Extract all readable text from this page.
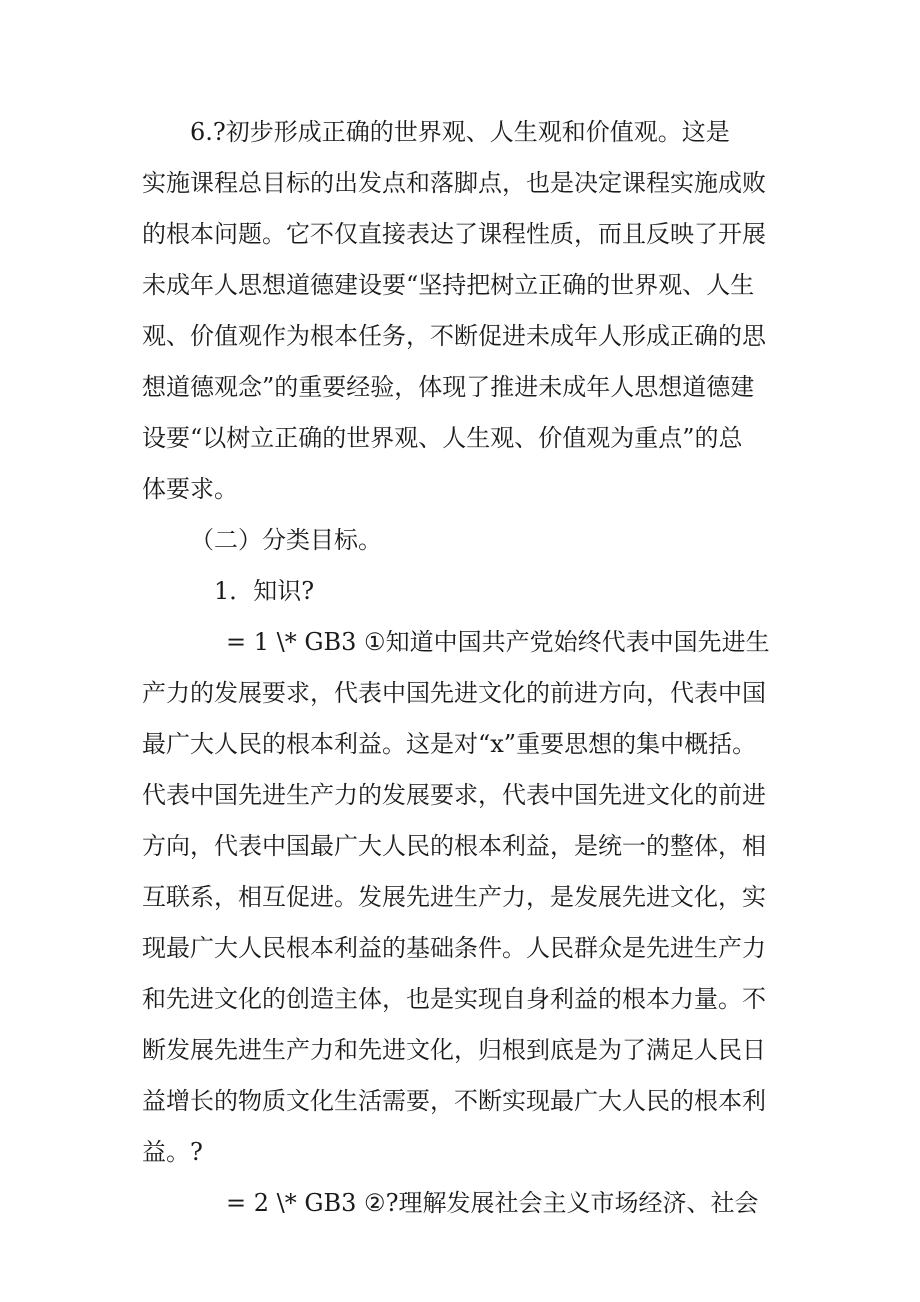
6.?初步形成正确的世界观、人生观和价值观。这是

实施课程总目标的出发点和落脚点，也是决定课程实施成败

的根本问题。它不仅直接表达了课程性质，而且反映了开展

未成年人思想道德建设要“坚持把树立正确的世界观、人生

观、价值观作为根本任务，不断促进未成年人形成正确的思

想道德观念”的重要经验，体现了推进未成年人思想道德建

设要“以树立正确的世界观、人生观、价值观为重点”的总

体要求。

（二）分类目标。

1．知识?

= 1 \* GB3 ①知道中国共产党始终代表中国先进生

产力的发展要求，代表中国先进文化的前进方向，代表中国

最广大人民的根本利益。这是对“x”重要思想的集中概括。

代表中国先进生产力的发展要求，代表中国先进文化的前进

方向，代表中国最广大人民的根本利益，是统一的整体，相

互联系，相互促进。发展先进生产力，是发展先进文化，实

现最广大人民根本利益的基础条件。人民群众是先进生产力

和先进文化的创造主体，也是实现自身利益的根本力量。不

断发展先进生产力和先进文化，归根到底是为了满足人民日

益增长的物质文化生活需要，不断实现最广大人民的根本利

益。?

= 2 \* GB3 ②?理解发展社会主义市场经济、社会
